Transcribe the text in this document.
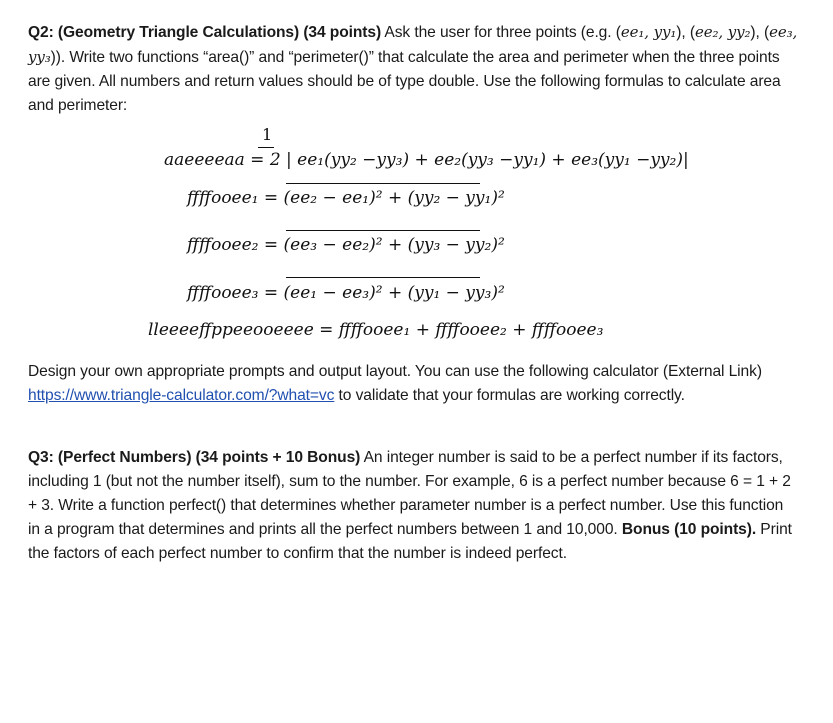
Q2: (Geometry Triangle Calculations) (34 points) Ask the user for three points (e.g. (ee₁, yy₁), (ee₂, yy₂), (ee₃, yy₃)). Write two functions “area()” and “perimeter()” that calculate the area and perimeter when the three points are given. All numbers and return values should be of type double. Use the following formulas to calculate area and perimeter:
1
aaeeeeaa = 2 | ee₁(yy₂ −yy₃) + ee₂(yy₃ −yy₁) + ee₃(yy₁ −yy₂)|
ffffooee₁ = (ee₂ − ee₁)² + (yy₂ − yy₁)²
ffffooee₂ = (ee₃ − ee₂)² + (yy₃ − yy₂)²
ffffooee₃ = (ee₁ − ee₃)² + (yy₁ − yy₃)²
lleeeeffppeeooeeee = ffffooee₁ + ffffooee₂ + ffffooee₃
Design your own appropriate prompts and output layout. You can use the following calculator (External Link) https://www.triangle-calculator.com/?what=vc to validate that your formulas are working correctly.
Q3: (Perfect Numbers) (34 points + 10 Bonus) An integer number is said to be a perfect number if its factors, including 1 (but not the number itself), sum to the number. For example, 6 is a perfect number because 6 = 1 + 2 + 3. Write a function perfect() that determines whether parameter number is a perfect number. Use this function in a program that determines and prints all the perfect numbers between 1 and 10,000. Bonus (10 points). Print the factors of each perfect number to confirm that the number is indeed perfect.
